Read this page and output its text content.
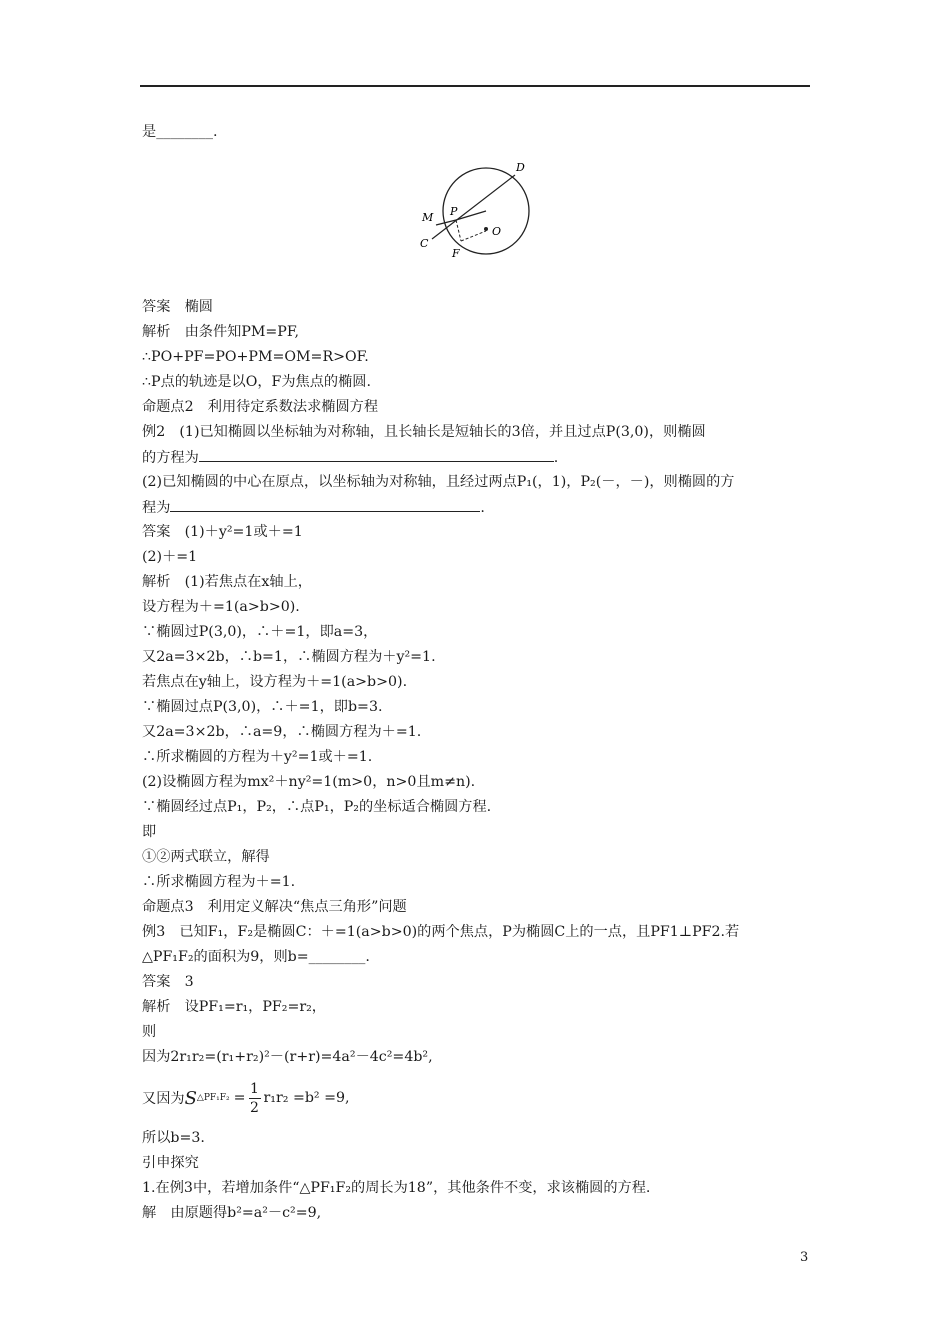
是________.
D
M P
C
O
F
答案　椭圆
解析　由条件知PM=PF,
∴PO+PF=PO+PM=OM=R>OF.
∴P点的轨迹是以O，F为焦点的椭圆.
命题点2　利用待定系数法求椭圆方程
例2　(1)已知椭圆以坐标轴为对称轴，且长轴长是短轴长的3倍，并且过点P(3,0)，则椭圆
的方程为	.
(2)已知椭圆的中心在原点，以坐标轴为对称轴，且经过两点P₁(，1)，P₂(－，－)，则椭圆的方
程为	.
答案　(1)＋y²=1或＋=1
(2)＋=1
解析　(1)若焦点在x轴上，
设方程为＋=1(a>b>0).
∵椭圆过P(3,0)，∴＋=1，即a=3，
又2a=3×2b，∴b=1，∴椭圆方程为＋y²=1.
若焦点在y轴上，设方程为＋=1(a>b>0).
∵椭圆过点P(3,0)，∴＋=1，即b=3.
又2a=3×2b，∴a=9，∴椭圆方程为＋=1.
∴所求椭圆的方程为＋y²=1或＋=1.
(2)设椭圆方程为mx²＋ny²=1(m>0，n>0且m≠n).
∵椭圆经过点P₁，P₂，∴点P₁，P₂的坐标适合椭圆方程.
即
①②两式联立，解得
∴所求椭圆方程为＋=1.
命题点3　利用定义解决“焦点三角形”问题
例3　已知F₁，F₂是椭圆C：＋=1(a>b>0)的两个焦点，P为椭圆C上的一点，且PF1⊥PF2.若
△PF₁F₂的面积为9，则b=________.
答案　3
解析　设PF₁=r₁，PF₂=r₂，
则
因为2r₁r₂=(r₁+r₂)²－(r+r)=4a²－4c²=4b²,
又因为 S △PF₁F₂ = $\frac{1}{2} r_1r_2 =b^2 =9$,
所以b=3.
引申探究
1.在例3中，若增加条件“△PF₁F₂的周长为18”，其他条件不变，求该椭圆的方程.
解　由原题得b²=a²－c²=9,
3
